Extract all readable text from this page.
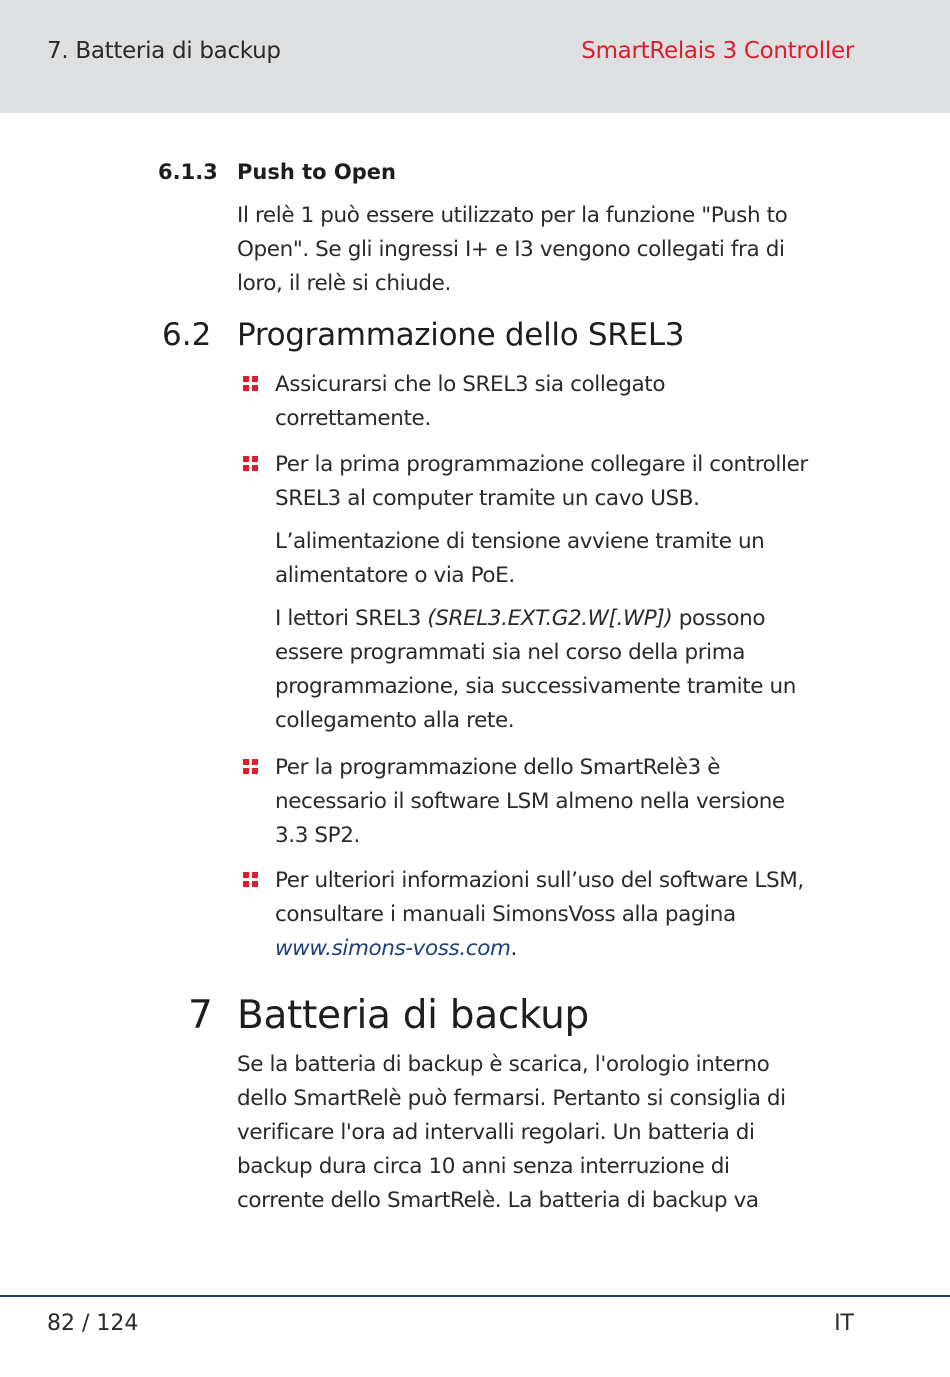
7. Batteria di backup	SmartRelais 3 Controller
6.1.3 Push to Open
Il relè 1 può essere utilizzato per la funzione "Push to
Open". Se gli ingressi I+ e I3 vengono collegati fra di
loro, il relè si chiude.
6.2 Programmazione dello SREL3
Assicurarsi che lo SREL3 sia collegato
correttamente.
Per la prima programmazione collegare il controller
SREL3 al computer tramite un cavo USB.
L’alimentazione di tensione avviene tramite un
alimentatore o via PoE.
I lettori SREL3 (SREL3.EXT.G2.W[.WP]) possono
essere programmati sia nel corso della prima
programmazione, sia successivamente tramite un
collegamento alla rete.
Per la programmazione dello SmartRelè3 è
necessario il software LSM almeno nella versione
3.3 SP2.
Per ulteriori informazioni sull’uso del software LSM,
consultare i manuali SimonsVoss alla pagina
www.simons-voss.com.
7 Batteria di backup
Se la batteria di backup è scarica, l'orologio interno
dello SmartRelè può fermarsi. Pertanto si consiglia di
verificare l'ora ad intervalli regolari. Un batteria di
backup dura circa 10 anni senza interruzione di
corrente dello SmartRelè. La batteria di backup va
82 / 124	IT
